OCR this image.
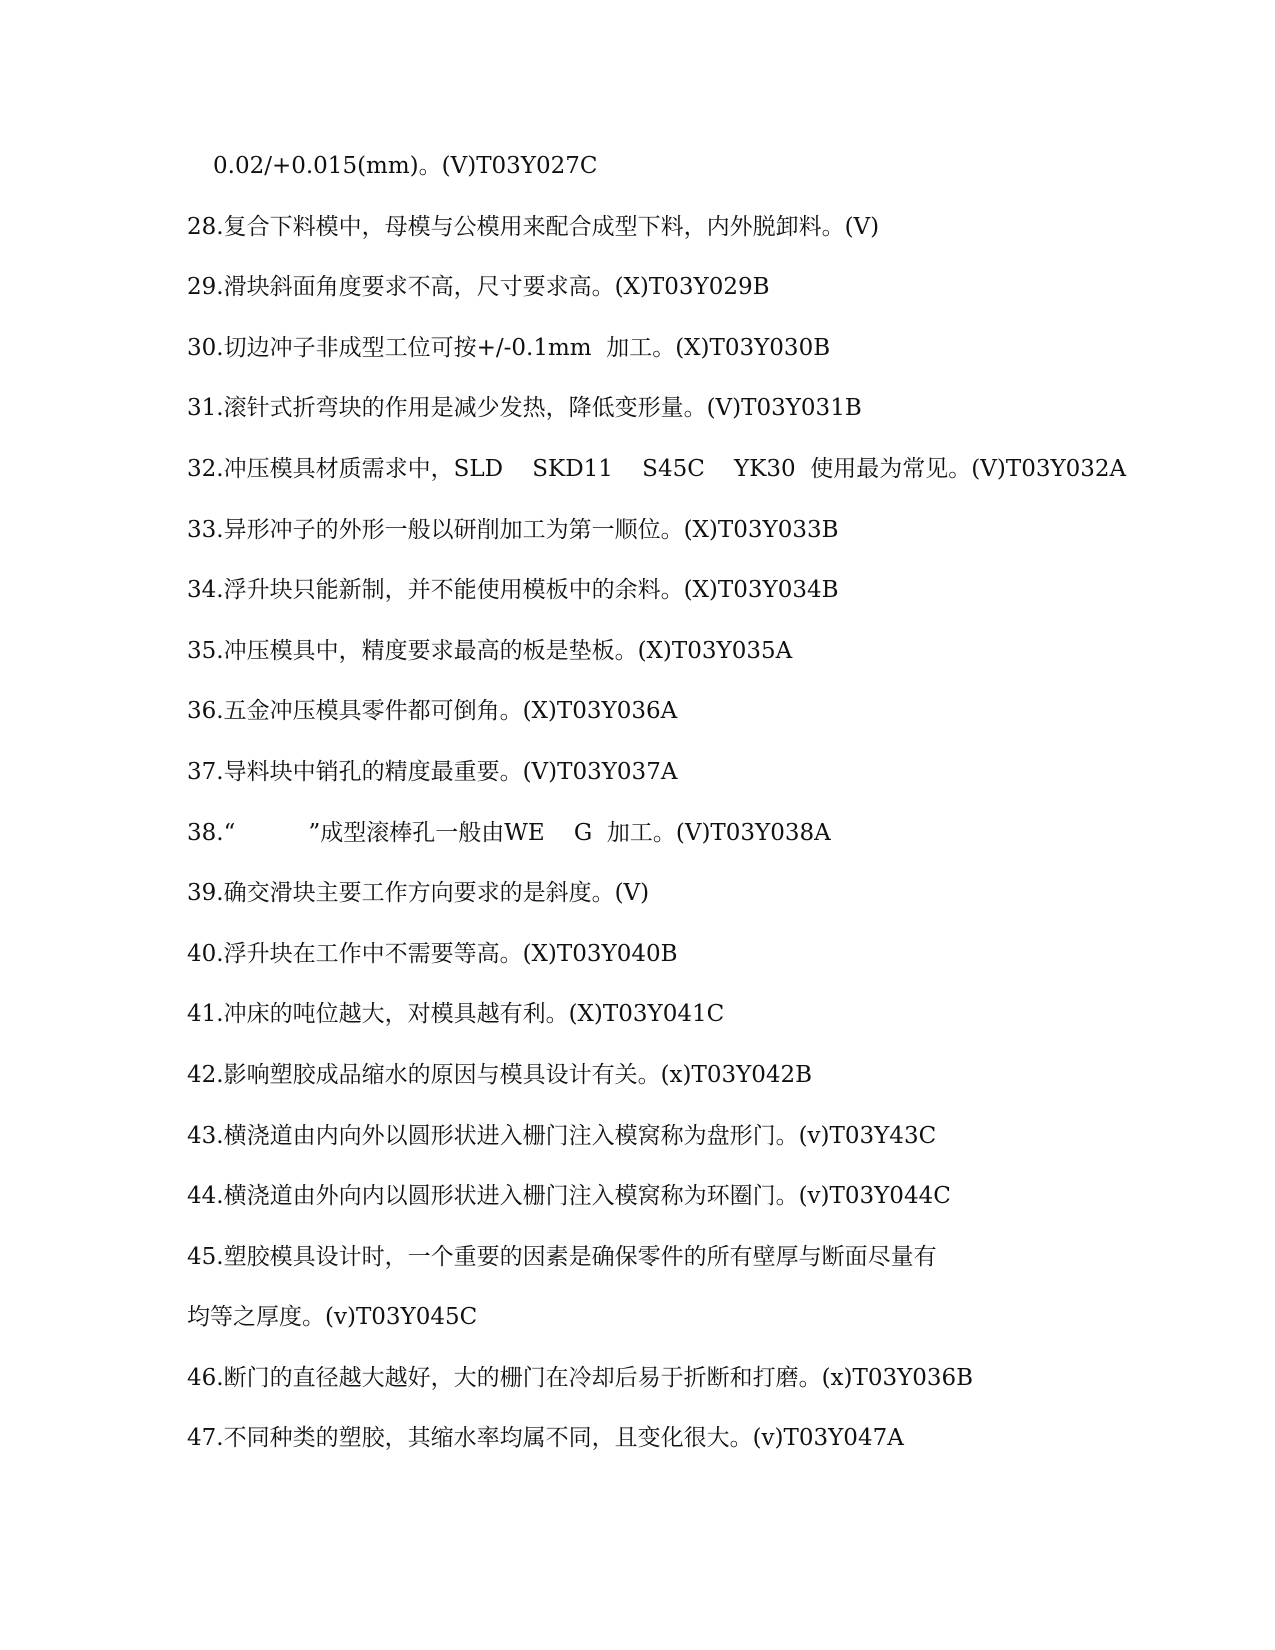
0.02/+0.015(mm)。(V)T03Y027C
28.复合下料模中，母模与公模用来配合成型下料，内外脱卸料。(V)
29.滑块斜面角度要求不高，尺寸要求高。(X)T03Y029B
30.切边冲子非成型工位可按+/-0.1mm  加工。(X)T03Y030B
31.滚针式折弯块的作用是减少发热，降低变形量。(V)T03Y031B
32.冲压模具材质需求中，SLD    SKD11    S45C    YK30  使用最为常见。(V)T03Y032A
33.异形冲子的外形一般以研削加工为第一顺位。(X)T03Y033B
34.浮升块只能新制，并不能使用模板中的余料。(X)T03Y034B
35.冲压模具中，精度要求最高的板是垫板。(X)T03Y035A
36.五金冲压模具零件都可倒角。(X)T03Y036A
37.导料块中销孔的精度最重要。(V)T03Y037A
38.“          ”成型滚棒孔一般由WE    G  加工。(V)T03Y038A
39.确交滑块主要工作方向要求的是斜度。(V)
40.浮升块在工作中不需要等高。(X)T03Y040B
41.冲床的吨位越大，对模具越有利。(X)T03Y041C
42.影响塑胶成品缩水的原因与模具设计有关。(x)T03Y042B
43.横浇道由内向外以圆形状进入栅门注入模窝称为盘形门。(v)T03Y43C
44.横浇道由外向内以圆形状进入栅门注入模窝称为环圈门。(v)T03Y044C
45.塑胶模具设计时，一个重要的因素是确保零件的所有壁厚与断面尽量有
均等之厚度。(v)T03Y045C
46.断门的直径越大越好，大的栅门在冷却后易于折断和打磨。(x)T03Y036B
47.不同种类的塑胶，其缩水率均属不同，且变化很大。(v)T03Y047A
